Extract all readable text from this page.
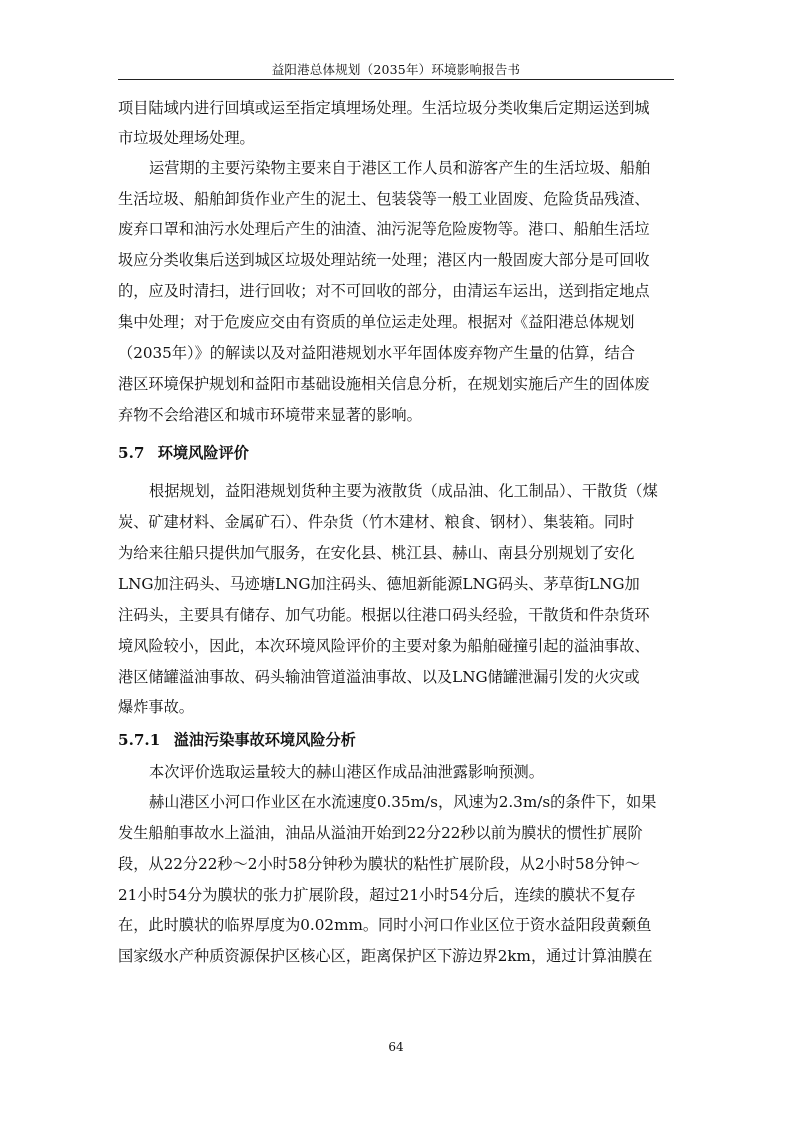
益阳港总体规划（2035年）环境影响报告书

项目陆域内进行回填或运至指定填埋场处理。生活垃圾分类收集后定期运送到城

市垃圾处理场处理。

运营期的主要污染物主要来自于港区工作人员和游客产生的生活垃圾、船舶

生活垃圾、船舶卸货作业产生的泥土、包装袋等一般工业固废、危险货品残渣、

废弃口罩和油污水处理后产生的油渣、油污泥等危险废物等。港口、船舶生活垃

圾应分类收集后送到城区垃圾处理站统一处理；港区内一般固废大部分是可回收

的，应及时清扫，进行回收；对不可回收的部分，由清运车运出，送到指定地点

集中处理；对于危废应交由有资质的单位运走处理。根据对《益阳港总体规划

（2035年）》的解读以及对益阳港规划水平年固体废弃物产生量的估算，结合

港区环境保护规划和益阳市基础设施相关信息分析，在规划实施后产生的固体废

弃物不会给港区和城市环境带来显著的影响。

5.7 环境风险评价

根据规划，益阳港规划货种主要为液散货（成品油、化工制品）、干散货（煤

炭、矿建材料、金属矿石）、件杂货（竹木建材、粮食、钢材）、集装箱。同时

为给来往船只提供加气服务，在安化县、桃江县、赫山、南县分别规划了安化

LNG加注码头、马迹塘LNG加注码头、德旭新能源LNG码头、茅草街LNG加

注码头，主要具有储存、加气功能。根据以往港口码头经验，干散货和件杂货环

境风险较小，因此，本次环境风险评价的主要对象为船舶碰撞引起的溢油事故、

港区储罐溢油事故、码头输油管道溢油事故、以及LNG储罐泄漏引发的火灾或

爆炸事故。

5.7.1 溢油污染事故环境风险分析

本次评价选取运量较大的赫山港区作成品油泄露影响预测。

赫山港区小河口作业区在水流速度0.35m/s，风速为2.3m/s的条件下，如果

发生船舶事故水上溢油，油品从溢油开始到22分22秒以前为膜状的惯性扩展阶

段，从22分22秒～2小时58分钟秒为膜状的粘性扩展阶段，从2小时58分钟～

21小时54分为膜状的张力扩展阶段，超过21小时54分后，连续的膜状不复存

在，此时膜状的临界厚度为0.02mm。同时小河口作业区位于资水益阳段黄颡鱼

国家级水产种质资源保护区核心区，距离保护区下游边界2km，通过计算油膜在

64
